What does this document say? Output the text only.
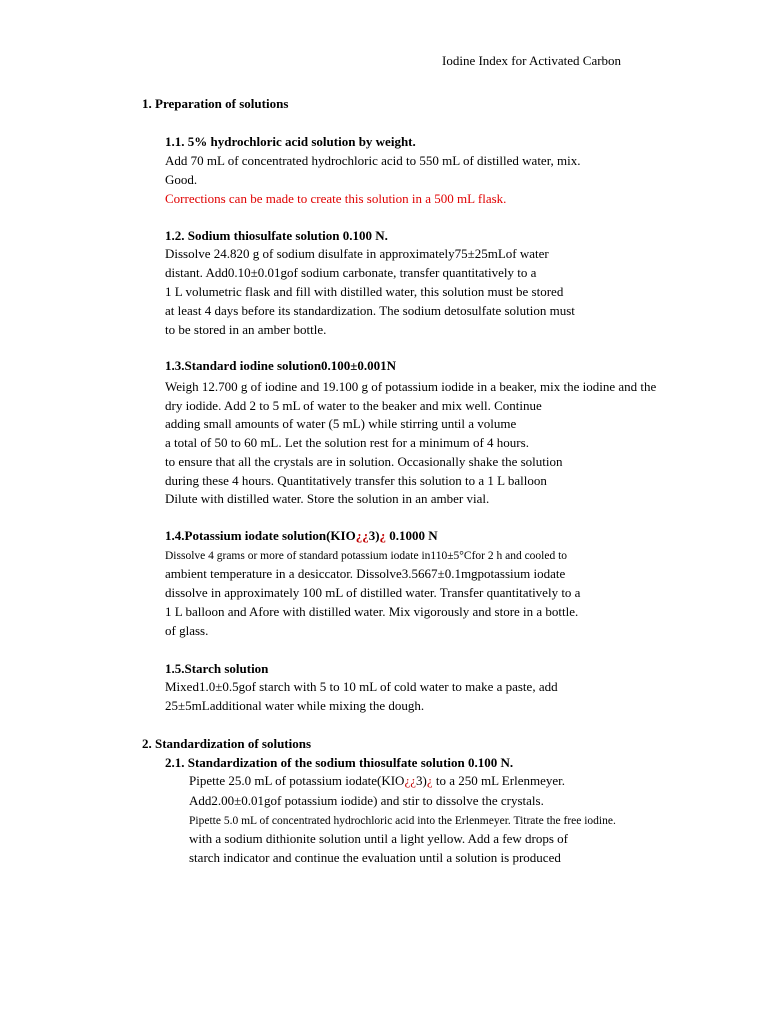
Iodine Index for Activated Carbon
1. Preparation of solutions
1.1. 5% hydrochloric acid solution by weight.
Add 70 mL of concentrated hydrochloric acid to 550 mL of distilled water, mix.
Good.
Corrections can be made to create this solution in a 500 mL flask.
1.2. Sodium thiosulfate solution 0.100 N.
Dissolve 24.820 g of sodium disulfate in approximately75±25mLof water
distant. Add0.10±0.01gof sodium carbonate, transfer quantitatively to a
1 L volumetric flask and fill with distilled water, this solution must be stored
at least 4 days before its standardization. The sodium detosulfate solution must
to be stored in an amber bottle.
1.3.Standard iodine solution0.100±0.001N
Weigh 12.700 g of iodine and 19.100 g of potassium iodide in a beaker, mix the iodine and the
dry iodide. Add 2 to 5 mL of water to the beaker and mix well. Continue
adding small amounts of water (5 mL) while stirring until a volume
a total of 50 to 60 mL. Let the solution rest for a minimum of 4 hours.
to ensure that all the crystals are in solution. Occasionally shake the solution
during these 4 hours. Quantitatively transfer this solution to a 1 L balloon
Dilute with distilled water. Store the solution in an amber vial.
1.4.Potassium iodate solution(KIO¿¿3)¿ 0.1000 N
Dissolve 4 grams or more of standard potassium iodate in110±5°Cfor 2 h and cooled to
ambient temperature in a desiccator. Dissolve3.5667±0.1mgpotassium iodate
dissolve in approximately 100 mL of distilled water. Transfer quantitatively to a
1 L balloon and Afore with distilled water. Mix vigorously and store in a bottle.
of glass.
1.5.Starch solution
Mixed1.0±0.5gof starch with 5 to 10 mL of cold water to make a paste, add
25±5mLadditional water while mixing the dough.
2. Standardization of solutions
2.1. Standardization of the sodium thiosulfate solution 0.100 N.
Pipette 25.0 mL of potassium iodate(KIO¿¿3)¿ to a 250 mL Erlenmeyer.
Add2.00±0.01gof potassium iodide) and stir to dissolve the crystals.
Pipette 5.0 mL of concentrated hydrochloric acid into the Erlenmeyer. Titrate the free iodine.
with a sodium dithionite solution until a light yellow. Add a few drops of
starch indicator and continue the evaluation until a solution is produced
